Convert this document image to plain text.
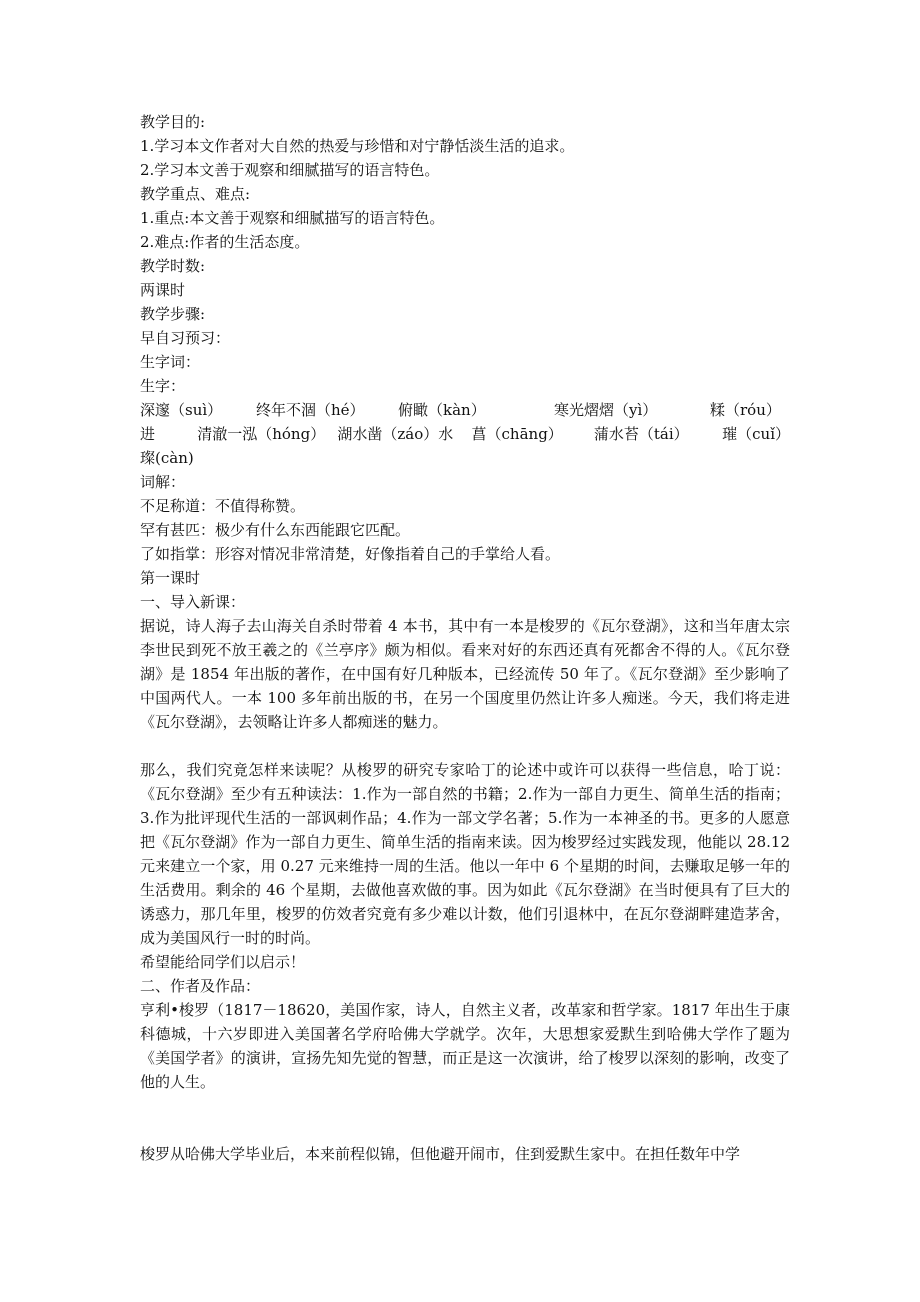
教学目的:
1.学习本文作者对大自然的热爱与珍惜和对宁静恬淡生活的追求。
2.学习本文善于观察和细腻描写的语言特色。
教学重点、难点:
1.重点:本文善于观察和细腻描写的语言特色。
2.难点:作者的生活态度。
教学时数:
两课时
教学步骤:
早自习预习：
生字词：
生字：
深邃（suì）	终年不涸（hé）	俯瞰（kàn）	寒光熠熠（yì）	糅（róu）
进	清澈一泓（hóng） 湖水凿（záo）水	菖（chāng）	蒲水苔（tái）	璀（cuǐ）
璨(càn)
词解：
不足称道：不值得称赞。
罕有甚匹：极少有什么东西能跟它匹配。
了如指掌：形容对情况非常清楚，好像指着自己的手掌给人看。
第一课时
一、导入新课：

据说，诗人海子去山海关自杀时带着 4 本书，其中有一本是梭罗的《瓦尔登湖》，这和当年唐太宗李世民到死不放王羲之的《兰亭序》颇为相似。看来对好的东西还真有死都舍不得的人。《瓦尔登湖》是 1854 年出版的著作，在中国有好几种版本，已经流传 50 年了。《瓦尔登湖》至少影响了中国两代人。一本 100 多年前出版的书，在另一个国度里仍然让许多人痴迷。今天，我们将走进《瓦尔登湖》，去领略让许多人都痴迷的魅力。

那么，我们究竟怎样来读呢？从梭罗的研究专家哈丁的论述中或许可以获得一些信息，哈丁说：《瓦尔登湖》至少有五种读法：1.作为一部自然的书籍；2.作为一部自力更生、简单生活的指南；3.作为批评现代生活的一部讽刺作品；4.作为一部文学名著；5.作为一本神圣的书。更多的人愿意把《瓦尔登湖》作为一部自力更生、简单生活的指南来读。因为梭罗经过实践发现，他能以 28.12 元来建立一个家，用 0.27 元来维持一周的生活。他以一年中 6 个星期的时间，去赚取足够一年的生活费用。剩余的 46 个星期，去做他喜欢做的事。因为如此《瓦尔登湖》在当时便具有了巨大的诱惑力，那几年里，梭罗的仿效者究竟有多少难以计数，他们引退林中，在瓦尔登湖畔建造茅舍，成为美国风行一时的时尚。

希望能给同学们以启示！
二、作者及作品：

亨利•梭罗（1817－18620，美国作家，诗人，自然主义者，改革家和哲学家。1817 年出生于康科德城，十六岁即进入美国著名学府哈佛大学就学。次年，大思想家爱默生到哈佛大学作了题为《美国学者》的演讲，宣扬先知先觉的智慧，而正是这一次演讲，给了梭罗以深刻的影响，改变了他的人生。

梭罗从哈佛大学毕业后，本来前程似锦，但他避开闹市，住到爱默生家中。在担任数年中学
